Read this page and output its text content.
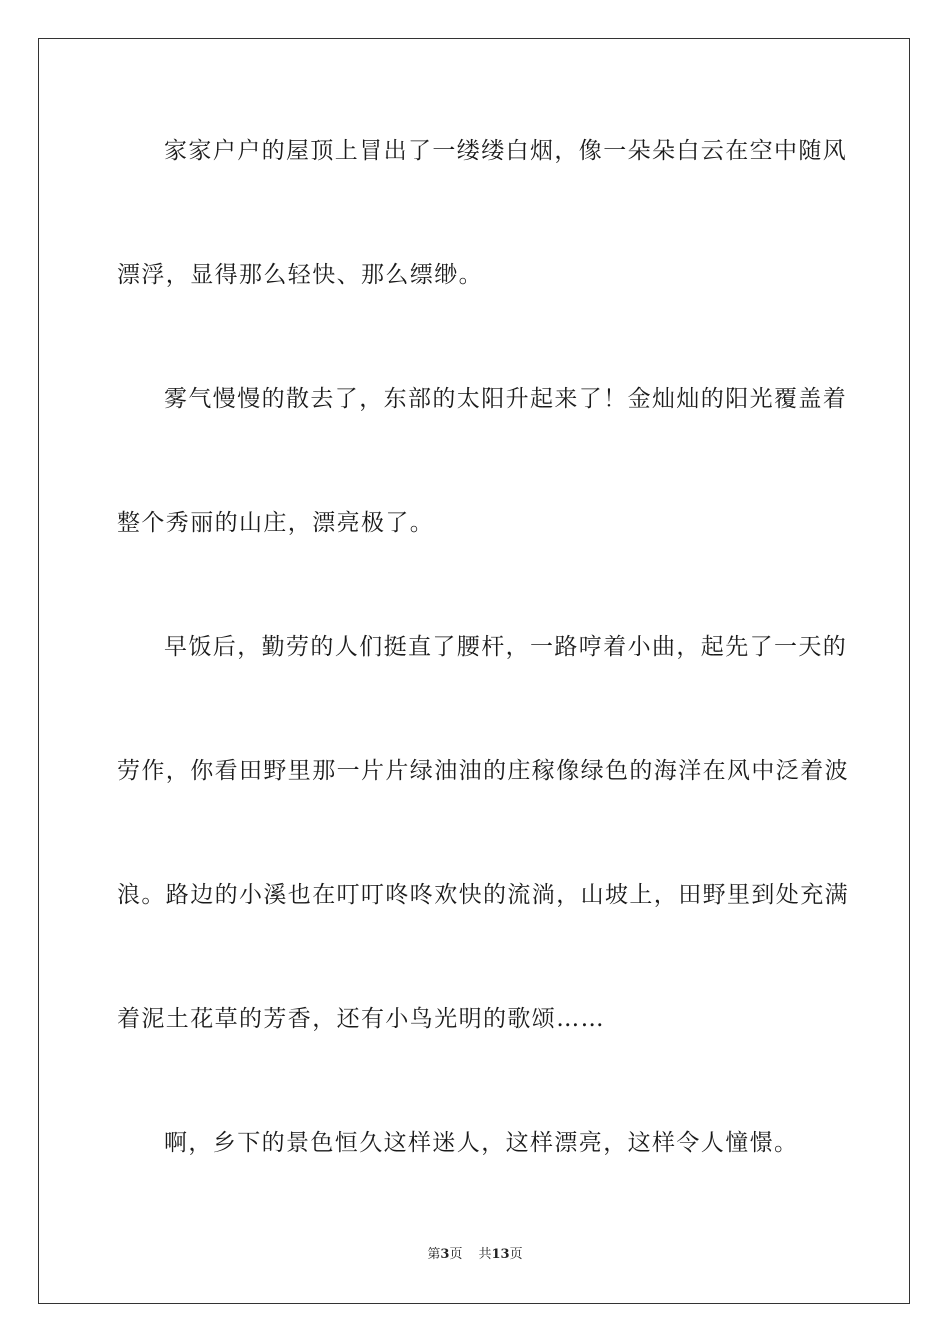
家家户户的屋顶上冒出了一缕缕白烟，像一朵朵白云在空中随风
漂浮，显得那么轻快、那么缥缈。
雾气慢慢的散去了，东部的太阳升起来了！金灿灿的阳光覆盖着
整个秀丽的山庄，漂亮极了。
早饭后，勤劳的人们挺直了腰杆，一路哼着小曲，起先了一天的
劳作，你看田野里那一片片绿油油的庄稼像绿色的海洋在风中泛着波
浪。路边的小溪也在叮叮咚咚欢快的流淌，山坡上，田野里到处充满
着泥土花草的芳香，还有小鸟光明的歌颂……
啊，乡下的景色恒久这样迷人，这样漂亮，这样令人憧憬。
第3页 共13页
